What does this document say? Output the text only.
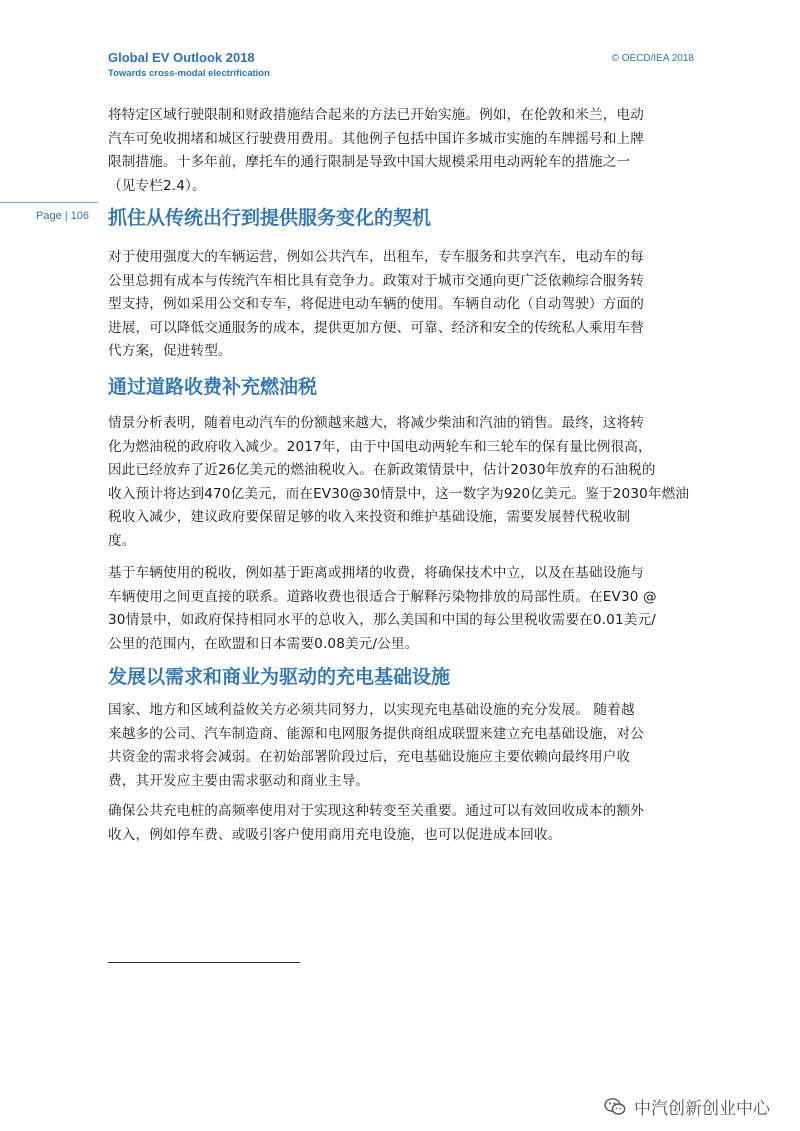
Global EV Outlook 2018
Towards cross-modal electrification
© OECD/IEA 2018
Page | 106

将特定区域行驶限制和财政措施结合起来的方法已开始实施。例如，在伦敦和米兰，电动
汽车可免收拥堵和城区行驶费用费用。其他例子包括中国许多城市实施的车牌摇号和上牌
限制措施。十多年前，摩托车的通行限制是导致中国大规模采用电动两轮车的措施之一
（见专栏2.4）。

抓住从传统出行到提供服务变化的契机

对于使用强度大的车辆运营，例如公共汽车，出租车，专车服务和共享汽车，电动车的每
公里总拥有成本与传统汽车相比具有竞争力。政策对于城市交通向更广泛依赖综合服务转
型支持，例如采用公交和专车，将促进电动车辆的使用。车辆自动化（自动驾驶）方面的
进展，可以降低交通服务的成本，提供更加方便、可靠、经济和安全的传统私人乘用车替
代方案，促进转型。

通过道路收费补充燃油税

情景分析表明，随着电动汽车的份额越来越大，将减少柴油和汽油的销售。最终，这将转
化为燃油税的政府收入减少。2017年，由于中国电动两轮车和三轮车的保有量比例很高，
因此已经放弃了近26亿美元的燃油税收入。在新政策情景中，估计2030年放弃的石油税的
收入预计将达到470亿美元，而在EV30@30情景中，这一数字为920亿美元。鉴于2030年燃油
税收入减少，建议政府要保留足够的收入来投资和维护基础设施，需要发展替代税收制
度。

基于车辆使用的税收，例如基于距离或拥堵的收费，将确保技术中立，以及在基础设施与
车辆使用之间更直接的联系。道路收费也很适合于解释污染物排放的局部性质。在EV30 @
30情景中，如政府保持相同水平的总收入，那么美国和中国的每公里税收需要在0.01美元/
公里的范围内，在欧盟和日本需要0.08美元/公里。

发展以需求和商业为驱动的充电基础设施

国家、地方和区域利益攸关方必须共同努力，以实现充电基础设施的充分发展。 随着越
来越多的公司、汽车制造商、能源和电网服务提供商组成联盟来建立充电基础设施，对公
共资金的需求将会减弱。在初始部署阶段过后，充电基础设施应主要依赖向最终用户收
费，其开发应主要由需求驱动和商业主导。

确保公共充电桩的高频率使用对于实现这种转变至关重要。通过可以有效回收成本的额外
收入，例如停车费、或吸引客户使用商用充电设施，也可以促进成本回收。

中汽创新创业中心
